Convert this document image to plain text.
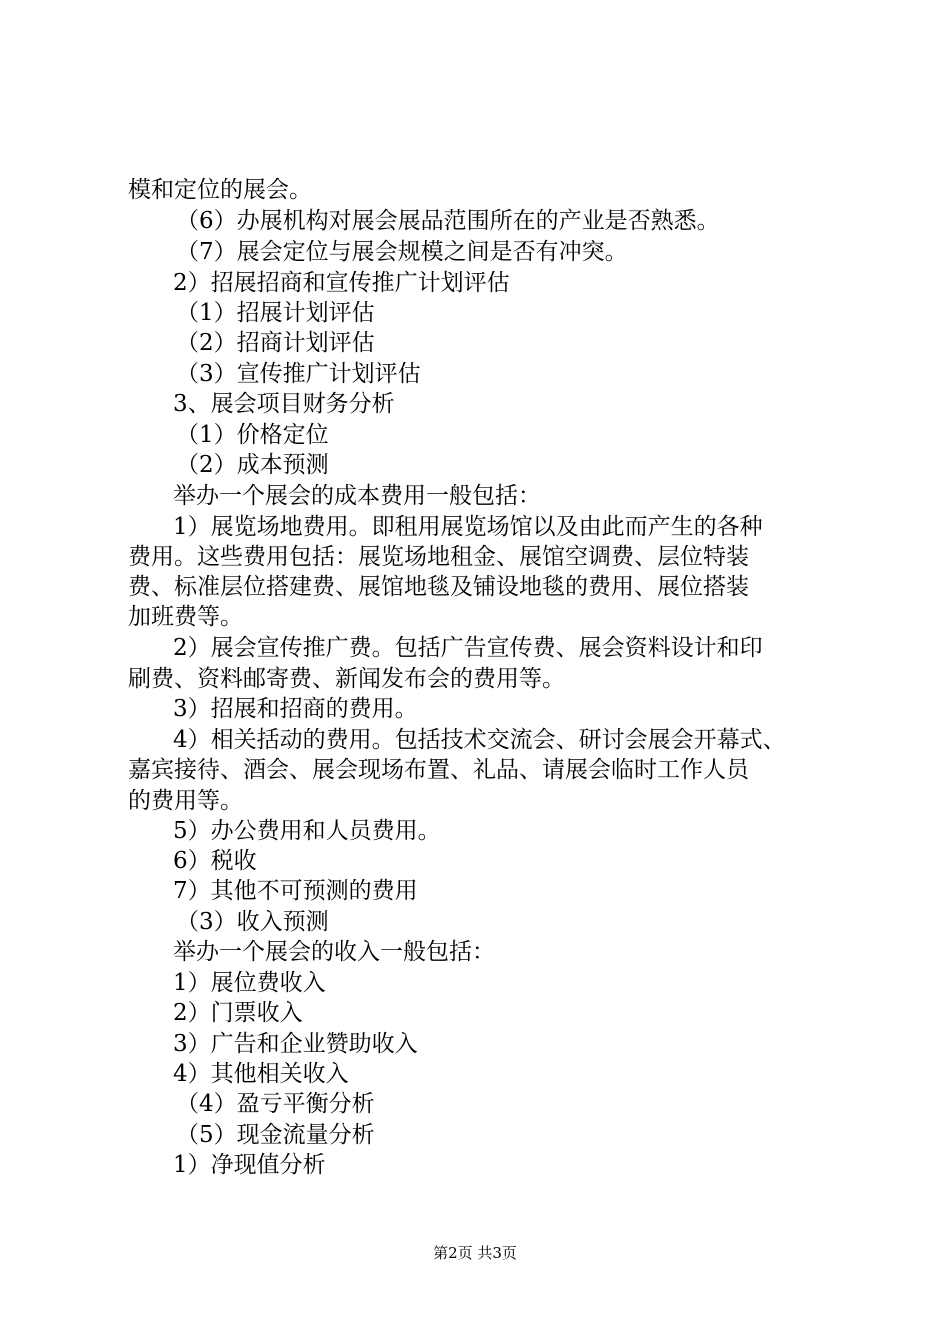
模和定位的展会。
（6）办展机构对展会展品范围所在的产业是否熟悉。
（7）展会定位与展会规模之间是否有冲突。
2）招展招商和宣传推广计划评估
（1）招展计划评估
（2）招商计划评估
（3）宣传推广计划评估
3、展会项目财务分析
（1）价格定位
（2）成本预测
举办一个展会的成本费用一般包括：
1）展览场地费用。即租用展览场馆以及由此而产生的各种
费用。这些费用包括：展览场地租金、展馆空调费、层位特装
费、标准层位搭建费、展馆地毯及铺设地毯的费用、展位搭装
加班费等。
2）展会宣传推广费。包括广告宣传费、展会资料设计和印
刷费、资料邮寄费、新闻发布会的费用等。
3）招展和招商的费用。
4）相关括动的费用。包括技术交流会、研讨会展会开幕式、
嘉宾接待、酒会、展会现场布置、礼品、请展会临时工作人员
的费用等。
5）办公费用和人员费用。
6）税收
7）其他不可预测的费用
（3）收入预测
举办一个展会的收入一般包括：
1）展位费收入
2）门票收入
3）广告和企业赞助收入
4）其他相关收入
（4）盈亏平衡分析
（5）现金流量分析
1）净现值分析
第2页 共3页
